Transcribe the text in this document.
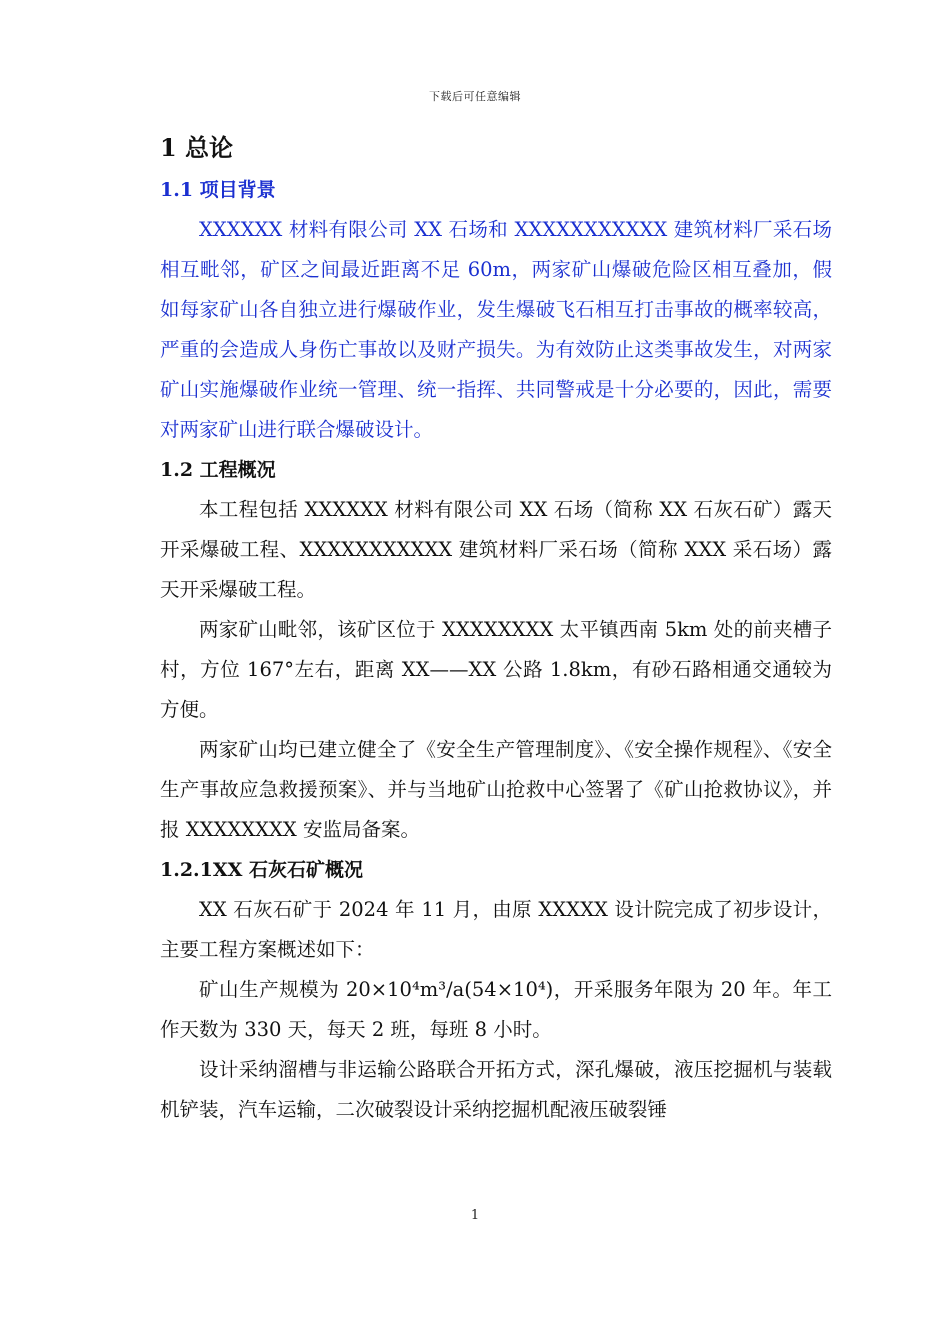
下载后可任意编辑
1 总论
1.1 项目背景

XXXXXX 材料有限公司 XX 石场和 XXXXXXXXXXX 建筑材料厂采石场相互毗邻，矿区之间最近距离不足 60m，两家矿山爆破危险区相互叠加，假如每家矿山各自独立进行爆破作业，发生爆破飞石相互打击事故的概率较高，严重的会造成人身伤亡事故以及财产损失。为有效防止这类事故发生，对两家矿山实施爆破作业统一管理、统一指挥、共同警戒是十分必要的，因此，需要对两家矿山进行联合爆破设计。

1.2 工程概况

本工程包括 XXXXXX 材料有限公司 XX 石场（简称 XX 石灰石矿）露天开采爆破工程、XXXXXXXXXXX 建筑材料厂采石场（简称 XXX 采石场）露天开采爆破工程。

两家矿山毗邻，该矿区位于 XXXXXXXX 太平镇西南 5km 处的前夹槽子村，方位 167°左右，距离 XX——XX 公路 1.8km，有砂石路相通交通较为方便。

两家矿山均已建立健全了《安全生产管理制度》、《安全操作规程》、《安全生产事故应急救援预案》、并与当地矿山抢救中心签署了《矿山抢救协议》，并报 XXXXXXXX 安监局备案。

1.2.1XX 石灰石矿概况

XX 石灰石矿于 2024 年 11 月，由原 XXXXX 设计院完成了初步设计，主要工程方案概述如下：

矿山生产规模为 20×10⁴m³/a(54×10⁴)，开采服务年限为 20 年。年工作天数为 330 天，每天 2 班，每班 8 小时。

设计采纳溜槽与非运输公路联合开拓方式，深孔爆破，液压挖掘机与装载机铲装，汽车运输，二次破裂设计采纳挖掘机配液压破裂锤

1
